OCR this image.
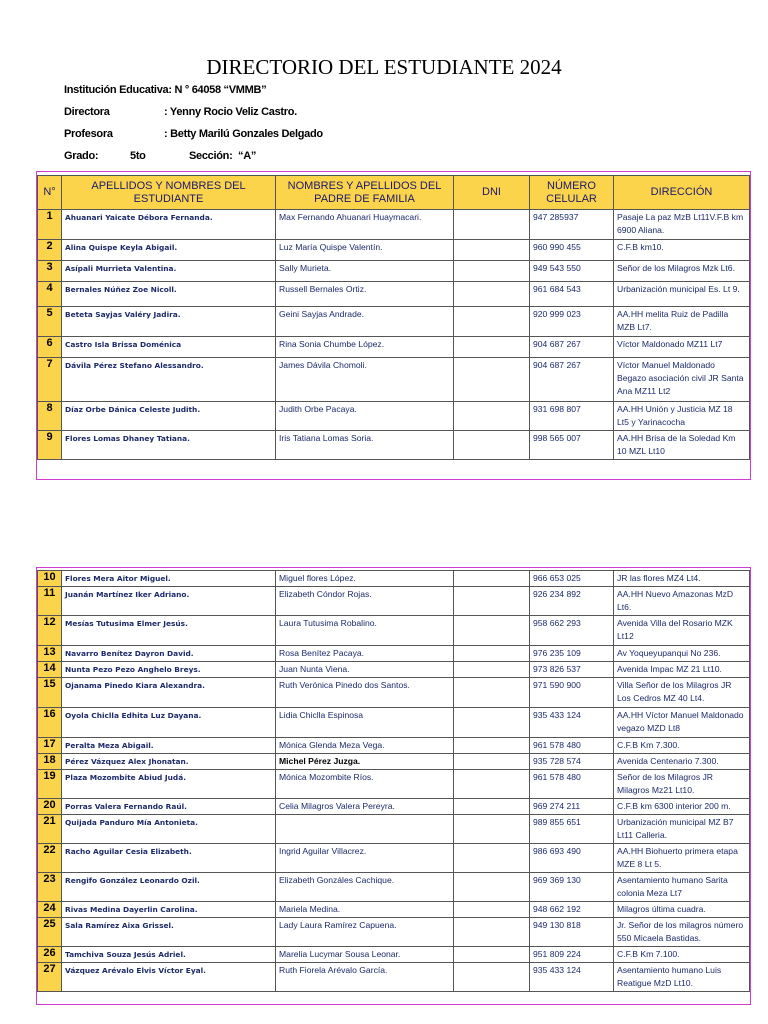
DIRECTORIO DEL ESTUDIANTE 2024
Institución Educativa: N ° 64058 “VMMB”
Directora	: Yenny Rocio Veliz Castro.
Profesora	: Betty Marilú Gonzales Delgado
Grado:	5to	Sección: “A”
N°	APELLIDOS Y NOMBRES DEL ESTUDIANTE	NOMBRES Y APELLIDOS DEL PADRE DE FAMILIA	DNI	NÚMERO CELULAR	DIRECCIÓN
1	Ahuanari Yaicate Débora Fernanda.	Max Fernando Ahuanari Huaymacari.		947 285937	Pasaje La paz MzB Lt11V.F.B km 6900 Aliana.
2	Alina Quispe Keyla Abigail.	Luz María Quispe Valentín.		960 990 455	C.F.B km10.
3	Asípali Murrieta Valentina.	Sally Murieta.		949 543 550	Señor de los Milagros Mzk Lt6.
4	Bernales Núñez Zoe Nicoll.	Russell Bernales Ortiz.		961 684 543	Urbanización municipal Es. Lt 9.
5	Beteta Sayjas Valéry Jadira.	Geini Sayjas Andrade.		920 999 023	AA.HH melita Ruiz de Padilla MZB Lt7.
6	Castro Isla Brissa Doménica	Rina Sonia Chumbe López.		904 687 267	Víctor Maldonado MZ11 Lt7
7	Dávila Pérez Stefano Alessandro.	James Dávila Chomoli.		904 687 267	Víctor Manuel Maldonado Begazo asociación civil JR Santa Ana MZ11 Lt2
8	Díaz Orbe Dánica Celeste Judith.	Judith Orbe Pacaya.		931 698 807	AA.HH Unión y Justicia MZ 18 Lt5 y Yarinacocha
9	Flores Lomas Dhaney Tatiana.	Iris Tatiana Lomas Soria.		998 565 007	AA.HH Brisa de la Soledad Km 10 MZL Lt10
10	Flores Mera Aitor Miguel.	Miguel flores López.		966 653 025	JR las flores MZ4 Lt4.
11	Juanán Martínez Iker Adriano.	Elizabeth Cóndor Rojas.		926 234 892	AA.HH Nuevo Amazonas MzD Lt6.
12	Mesías Tutusima Elmer Jesús.	Laura Tutusima Robalino.		958 662 293	Avenida Villa del Rosario MZK Lt12
13	Navarro Benítez Dayron David.	Rosa Benítez Pacaya.		976 235 109	Av Yoqueyupanqui No 236.
14	Nunta Pezo Pezo Anghelo Breys.	Juan Nunta Viena.		973 826 537	Avenida Impac MZ 21 Lt10.
15	Ojanama Pinedo Kiara Alexandra.	Ruth Verónica Pinedo dos Santos.		971 590 900	Villa Señor de los Milagros JR Los Cedros MZ 40 Lt4.
16	Oyola Chiclla Edhita Luz Dayana.	Lidia Chiclla Espinosa		935 433 124	AA.HH Víctor Manuel Maldonado vegazo MZD Lt8
17	Peralta Meza Abigail.	Mónica Glenda Meza Vega.		961 578 480	C.F.B Km 7.300.
18	Pérez Vázquez Alex Jhonatan.	Michel Pérez Juzga.		935 728 574	Avenida Centenario 7.300.
19	Plaza Mozombite Abiud Judá.	Mónica Mozombite Ríos.		961 578 480	Señor de los Milagros JR Milagros Mz21 Lt10.
20	Porras Valera Fernando Raúl.	Celia Milagros Valera Pereyra.		969 274 211	C.F.B km 6300 interior 200 m.
21	Quijada Panduro Mía Antonieta.			989 855 651	Urbanización municipal MZ B7 Lt11 Calleria.
22	Racho Aguilar Cesia Elizabeth.	Ingrid Aguilar Villacrez.		986 693 490	AA.HH Biohuerto primera etapa MZE 8 Lt 5.
23	Rengifo González Leonardo Ozil.	Elizabeth Gonzáles Cachique.		969 369 130	Asentamiento humano Sarita colonia Meza Lt7
24	Rivas Medina Dayerlin Carolina.	Mariela Medina.		948 662 192	Milagros última cuadra.
25	Sala Ramírez Aixa Grissel.	Lady Laura Ramírez Capuena.		949 130 818	Jr. Señor de los milagros número 550 Micaela Bastidas.
26	Tamchiva Souza Jesús Adriel.	Marelia Lucymar Sousa Leonar.		951 809 224	C.F.B Km 7.100.
27	Vázquez Arévalo Elvis Víctor Eyal.	Ruth Fiorela Arévalo García.		935 433 124	Asentamiento humano Luis Reatigue MzD Lt10.
